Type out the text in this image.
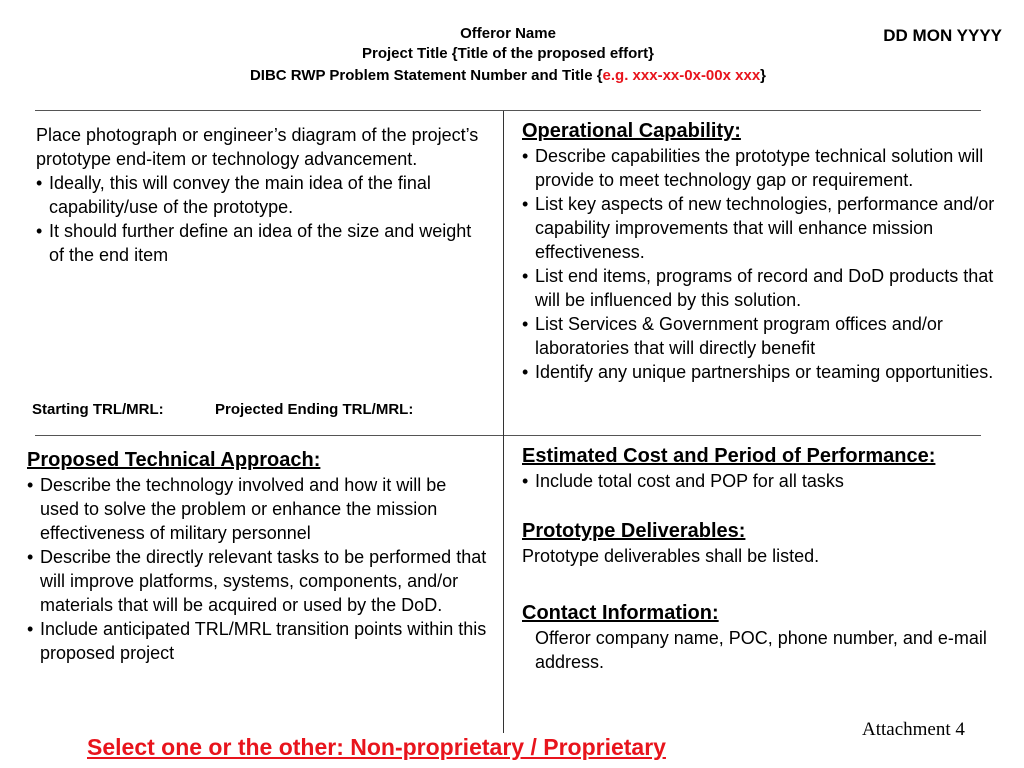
Offeror Name
Project Title {Title of the proposed effort}
DIBC RWP Problem Statement Number and Title {e.g. xxx-xx-0x-00x xxx}
DD MON YYYY
Place photograph or engineer’s diagram of the project’s prototype end-item or technology advancement.
• Ideally, this will convey the main idea of the final capability/use of the prototype.
• It should further define an idea of the size and weight of the end item
Starting TRL/MRL:	Projected Ending TRL/MRL:
Operational Capability:
• Describe capabilities the prototype technical solution will provide to meet technology gap or requirement.
• List key aspects of new technologies, performance and/or capability improvements that will enhance mission effectiveness.
• List end items, programs of record and DoD products that will be influenced by this solution.
• List Services & Government program offices and/or laboratories that will directly benefit
• Identify any unique partnerships or teaming opportunities.
Proposed Technical Approach:
• Describe the technology involved and how it will be used to solve the problem or enhance the mission effectiveness of military personnel
• Describe the directly relevant tasks to be performed that will improve platforms, systems, components, and/or materials that will be acquired or used by the DoD.
• Include anticipated TRL/MRL transition points within this proposed project
Estimated Cost and Period of Performance:
• Include total cost and POP for all tasks
Prototype Deliverables:
Prototype deliverables shall be listed.
Contact Information:
Offeror company name, POC, phone number, and e-mail address.
Attachment 4
Select one or the other: Non-proprietary / Proprietary
